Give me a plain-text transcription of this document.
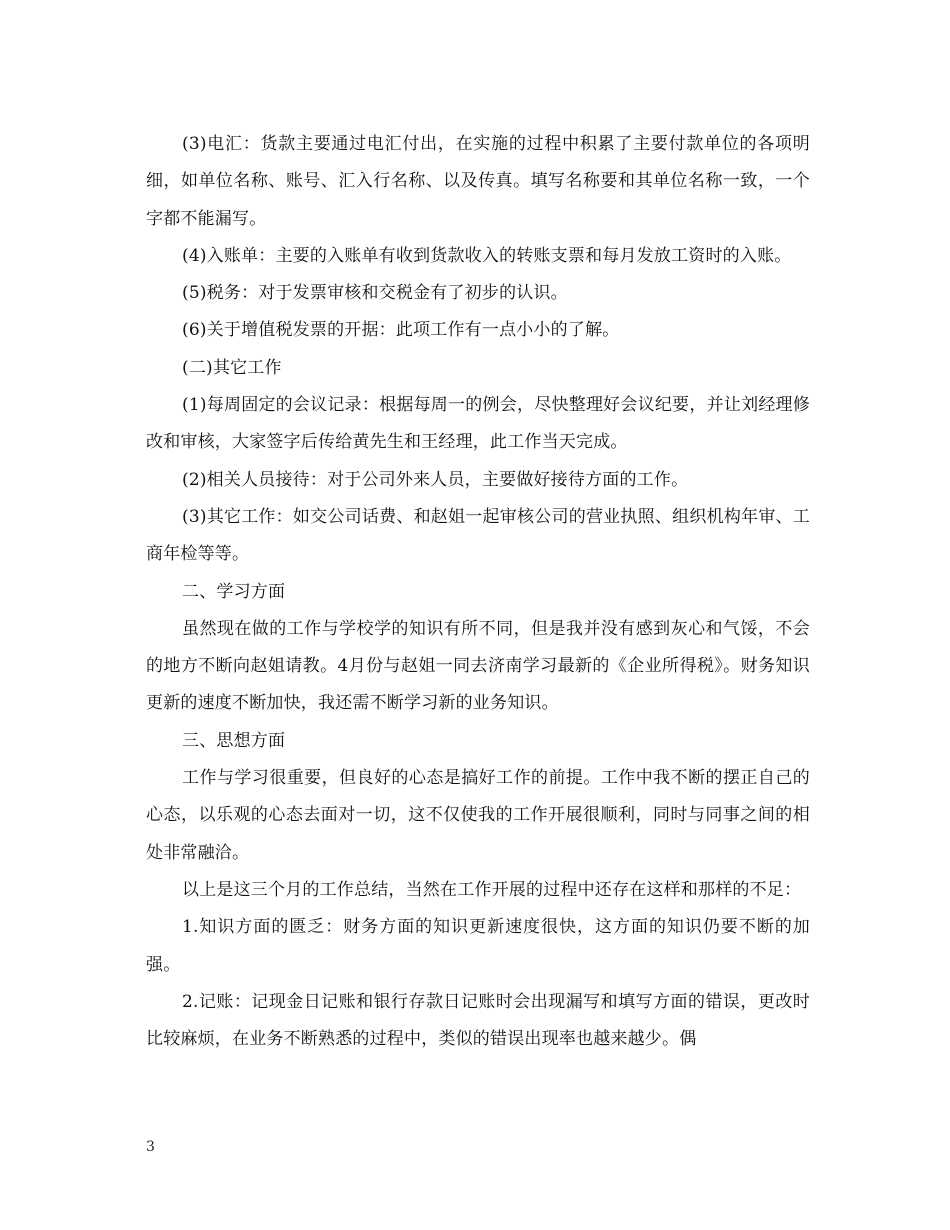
(3)电汇：货款主要通过电汇付出，在实施的过程中积累了主要付款单位的各项明细，如单位名称、账号、汇入行名称、以及传真。填写名称要和其单位名称一致，一个字都不能漏写。

(4)入账单：主要的入账单有收到货款收入的转账支票和每月发放工资时的入账。

(5)税务：对于发票审核和交税金有了初步的认识。

(6)关于增值税发票的开据：此项工作有一点小小的了解。

(二)其它工作

(1)每周固定的会议记录：根据每周一的例会，尽快整理好会议纪要，并让刘经理修改和审核，大家签字后传给黄先生和王经理，此工作当天完成。

(2)相关人员接待：对于公司外来人员，主要做好接待方面的工作。

(3)其它工作：如交公司话费、和赵姐一起审核公司的营业执照、组织机构年审、工商年检等等。

二、学习方面

虽然现在做的工作与学校学的知识有所不同，但是我并没有感到灰心和气馁，不会的地方不断向赵姐请教。4月份与赵姐一同去济南学习最新的《企业所得税》。财务知识更新的速度不断加快，我还需不断学习新的业务知识。

三、思想方面

工作与学习很重要，但良好的心态是搞好工作的前提。工作中我不断的摆正自己的心态，以乐观的心态去面对一切，这不仅使我的工作开展很顺利，同时与同事之间的相处非常融洽。

以上是这三个月的工作总结，当然在工作开展的过程中还存在这样和那样的不足：

1.知识方面的匮乏：财务方面的知识更新速度很快，这方面的知识仍要不断的加强。

2.记账：记现金日记账和银行存款日记账时会出现漏写和填写方面的错误，更改时比较麻烦，在业务不断熟悉的过程中，类似的错误出现率也越来越少。偶

3
